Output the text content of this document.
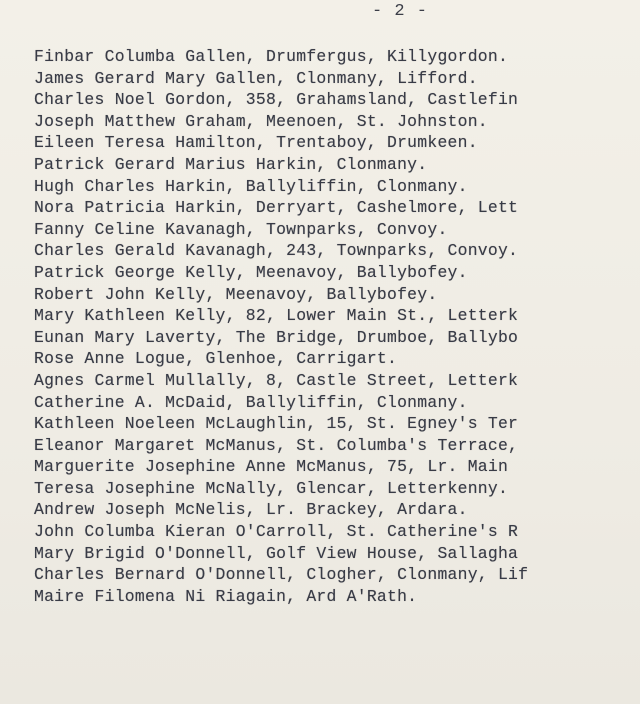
- 2 -
Finbar Columba Gallen, Drumfergus, Killygordon.
James Gerard Mary Gallen, Clonmany, Lifford.
Charles Noel Gordon, 358, Grahamsland, Castlefin
Joseph Matthew Graham, Meenoen, St. Johnston.
Eileen Teresa Hamilton, Trentaboy, Drumkeen.
Patrick Gerard Marius Harkin, Clonmany.
Hugh Charles Harkin, Ballyliffin, Clonmany.
Nora Patricia Harkin, Derryart, Cashelmore, Lett
Fanny Celine Kavanagh, Townparks, Convoy.
Charles Gerald Kavanagh, 243, Townparks, Convoy.
Patrick George Kelly, Meenavoy, Ballybofey.
Robert John Kelly, Meenavoy, Ballybofey.
Mary Kathleen Kelly, 82, Lower Main St., Letterk
Eunan Mary Laverty, The Bridge, Drumboe, Ballybo
Rose Anne Logue, Glenhoe, Carrigart.
Agnes Carmel Mullally, 8, Castle Street, Letterk
Catherine A. McDaid, Ballyliffin, Clonmany.
Kathleen Noeleen McLaughlin, 15, St. Egney's Ter
Eleanor Margaret McManus, St. Columba's Terrace,
Marguerite Josephine Anne McManus, 75, Lr. Main
Teresa Josephine McNally, Glencar, Letterkenny.
Andrew Joseph McNelis, Lr. Brackey, Ardara.
John Columba Kieran O'Carroll, St. Catherine's R
Mary Brigid O'Donnell, Golf View House, Sallagha
Charles Bernard O'Donnell, Clogher, Clonmany, Lif
Maire Filomena Ni Riagain, Ard A'Rath.
